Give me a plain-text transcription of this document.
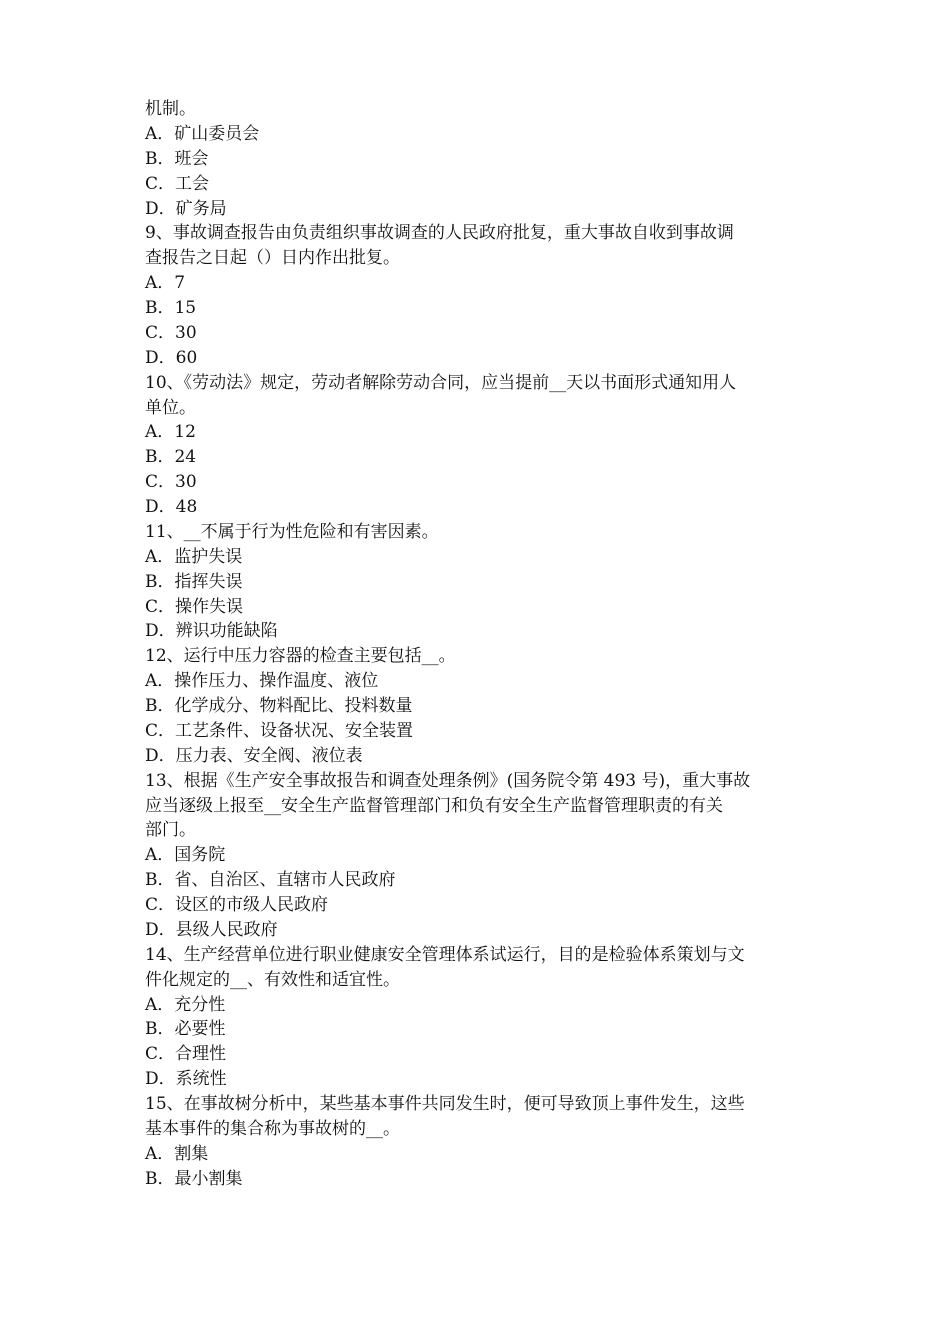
机制。
A．矿山委员会
B．班会
C．工会
D．矿务局
9、事故调查报告由负责组织事故调查的人民政府批复，重大事故自收到事故调
查报告之日起（）日内作出批复。
A．7
B．15
C．30
D．60
10、《劳动法》规定，劳动者解除劳动合同，应当提前__天以书面形式通知用人
单位。
A．12
B．24
C．30
D．48
11、__不属于行为性危险和有害因素。
A．监护失误
B．指挥失误
C．操作失误
D．辨识功能缺陷
12、运行中压力容器的检查主要包括__。
A．操作压力、操作温度、液位
B．化学成分、物料配比、投料数量
C．工艺条件、设备状况、安全装置
D．压力表、安全阀、液位表
13、根据《生产安全事故报告和调查处理条例》(国务院令第 493 号)，重大事故
应当逐级上报至__安全生产监督管理部门和负有安全生产监督管理职责的有关
部门。
A．国务院
B．省、自治区、直辖市人民政府
C．设区的市级人民政府
D．县级人民政府
14、生产经营单位进行职业健康安全管理体系试运行，目的是检验体系策划与文
件化规定的__、有效性和适宜性。
A．充分性
B．必要性
C．合理性
D．系统性
15、在事故树分析中，某些基本事件共同发生时，便可导致顶上事件发生，这些
基本事件的集合称为事故树的__。
A．割集
B．最小割集
